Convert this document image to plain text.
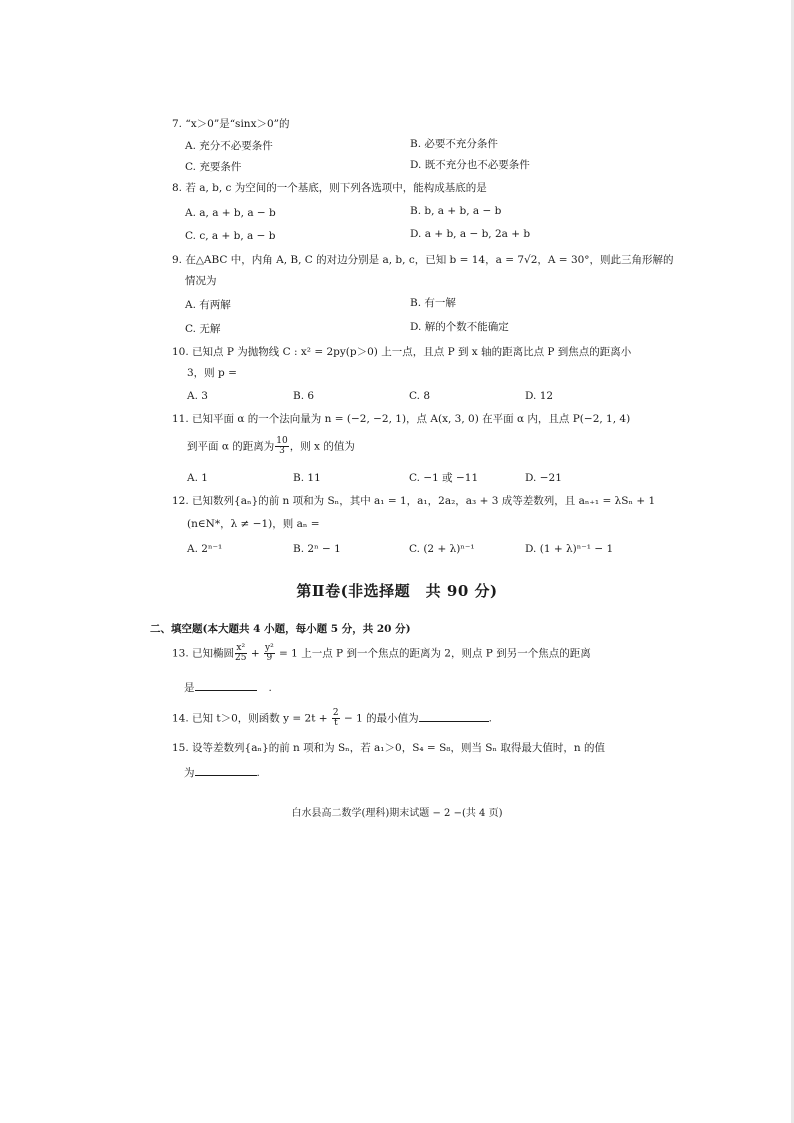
7. “x＞0”是“sinx＞0”的
A. 充分不必要条件	B. 必要不充分条件
C. 充要条件	D. 既不充分也不必要条件
8. 若 a, b, c 为空间的一个基底，则下列各选项中，能构成基底的是
A. a, a + b, a − b	B. b, a + b, a − b
C. c, a + b, a − b	D. a + b, a − b, 2a + b
9. 在△ABC 中，内角 A, B, C 的对边分别是 a, b, c，已知 b = 14，a = 7√2，A = 30°，则此三角形解的
情况为
A. 有两解	B. 有一解
C. 无解	D. 解的个数不能确定
10. 已知点 P 为抛物线 C : x² = 2py(p＞0) 上一点，且点 P 到 x 轴的距离比点 P 到焦点的距离小
3，则 p =
A. 3	B. 6	C. 8	D. 12
11. 已知平面 α 的一个法向量为 n = (−2, −2, 1)，点 A(x, 3, 0) 在平面 α 内，且点 P(−2, 1, 4)
到平面 α 的距离为 $\frac{10}{3}$ ，则 x 的值为
A. 1	B. 11	C. −1 或 −11	D. −21
12. 已知数列{aₙ}的前 n 项和为 Sₙ，其中 a₁ = 1，a₁，2a₂，a₃ + 3 成等差数列，且 aₙ₊₁ = λSₙ + 1
(n∈N*，λ ≠ −1)，则 aₙ =
A. 2ⁿ⁻¹	B. 2ⁿ − 1	C. (2 + λ)ⁿ⁻¹	D. (1 + λ)ⁿ⁻¹ − 1
第Ⅱ卷(非选择题　共 90 分)
二、填空题(本大题共 4 小题，每小题 5 分，共 20 分)
13. 已知椭圆 $\frac{\text{x²}}{25} + \frac{\text{y²}}{9} = 1$ 上一点 P 到一个焦点的距离为 2，则点 P 到另一个焦点的距离
是	.
14. 已知 t＞0，则函数 $y = 2t + \frac{2}{t} - 1$ 的最小值为	.
15. 设等差数列{aₙ}的前 n 项和为 Sₙ，若 a₁＞0，S₄ = S₈，则当 Sₙ 取得最大值时，n 的值
为	.
白水县高二数学(理科)期末试题 − 2 −(共 4 页)
